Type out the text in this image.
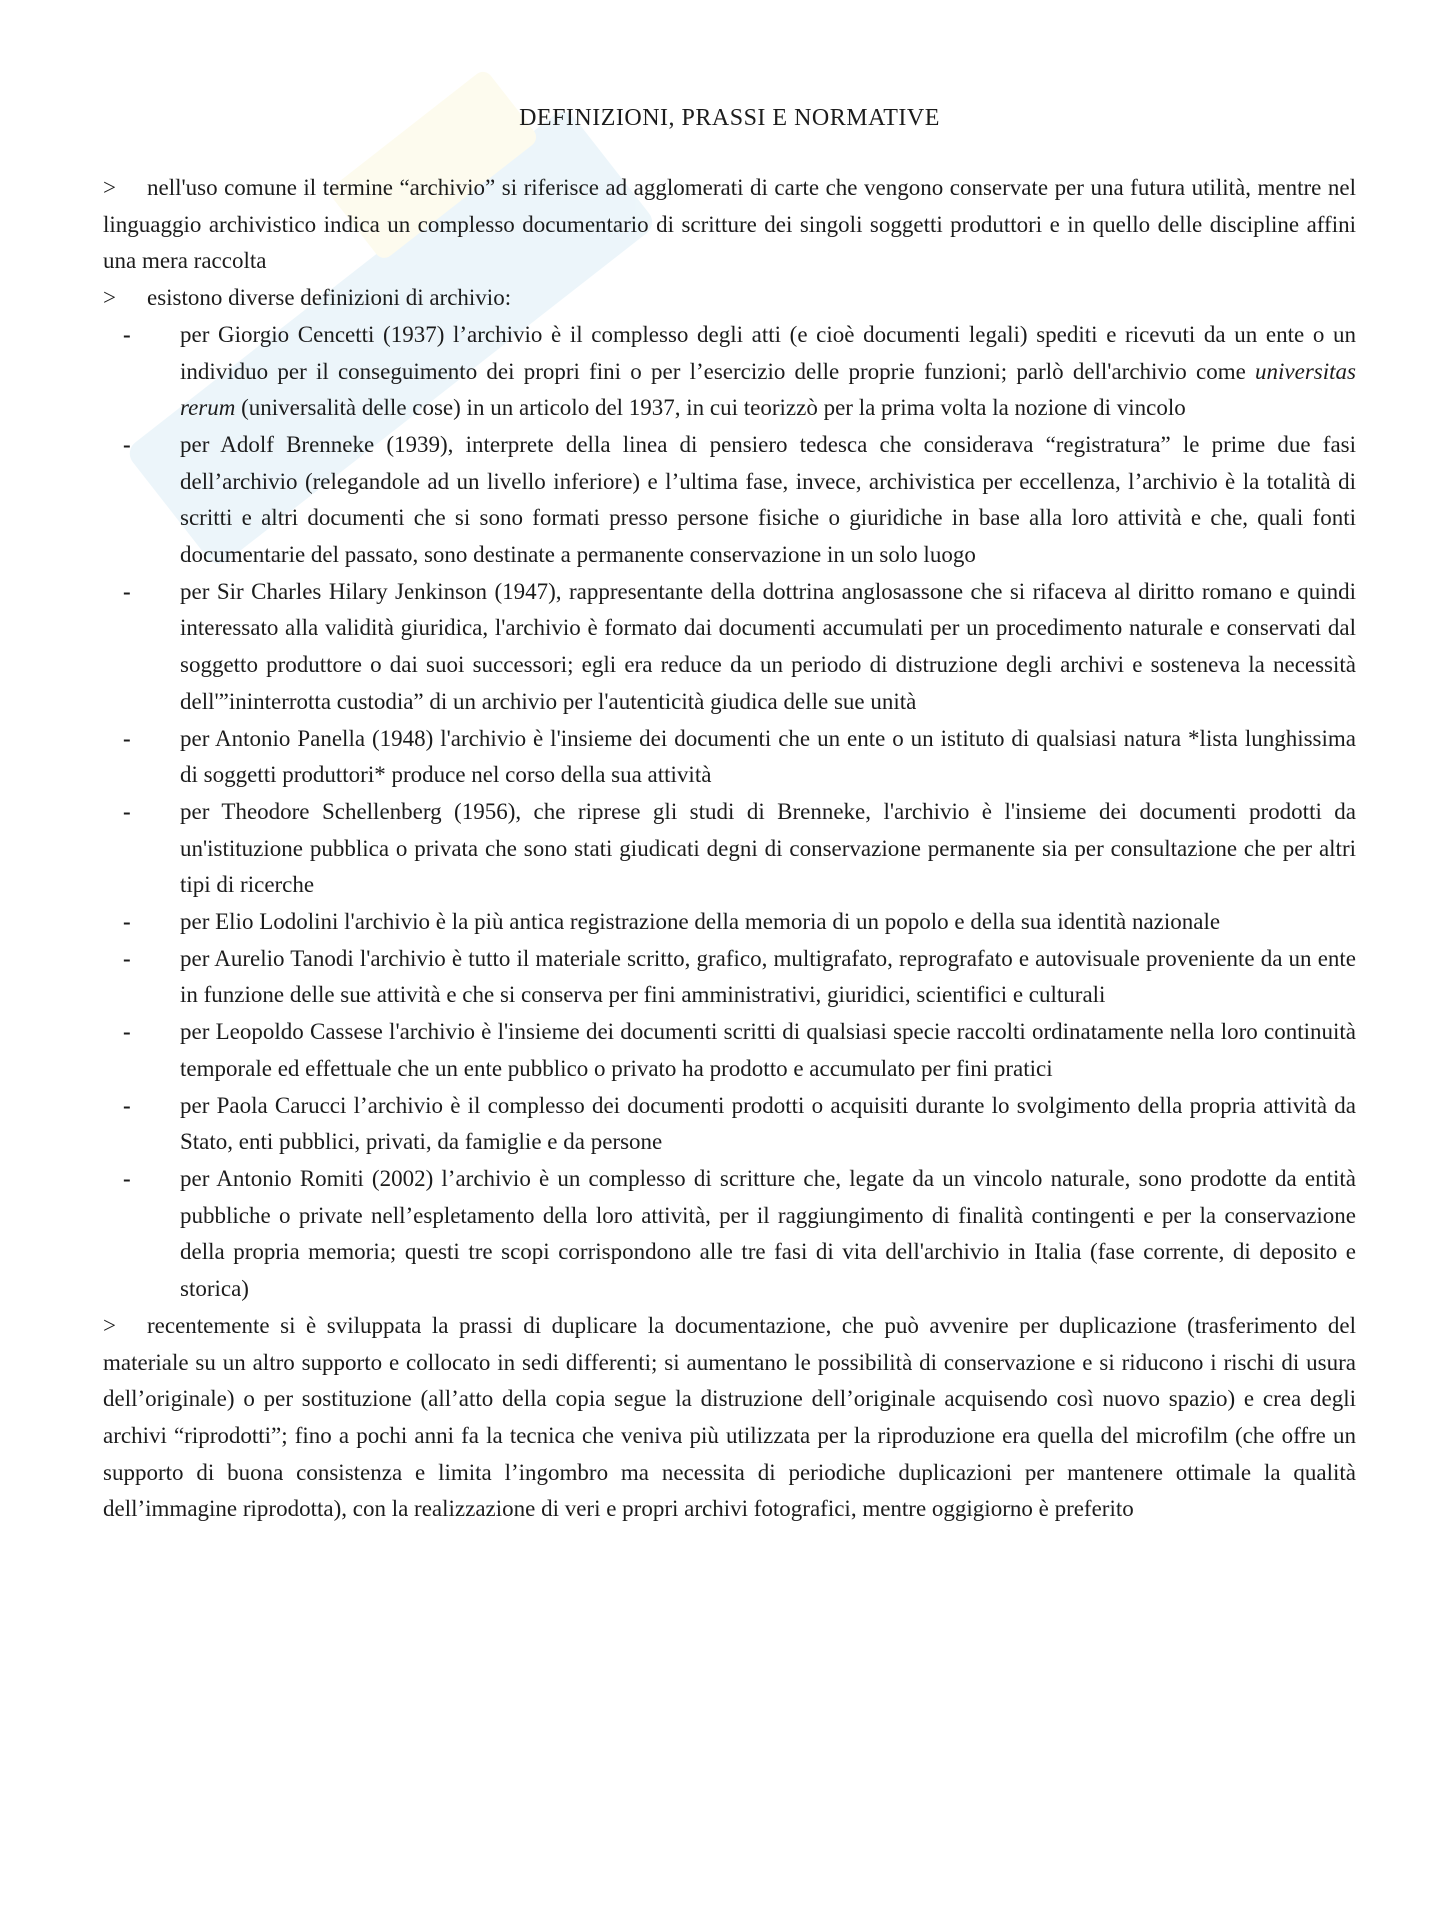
DEFINIZIONI, PRASSI E NORMATIVE

> nell'uso comune il termine “archivio” si riferisce ad agglomerati di carte che vengono conservate per una futura utilità, mentre nel linguaggio archivistico indica un complesso documentario di scritture dei singoli soggetti produttori e in quello delle discipline affini una mera raccolta

> esistono diverse definizioni di archivio:

- per Giorgio Cencetti (1937) l’archivio è il complesso degli atti (e cioè documenti legali) spediti e ricevuti da un ente o un individuo per il conseguimento dei propri fini o per l’esercizio delle proprie funzioni; parlò dell'archivio come universitas rerum (universalità delle cose) in un articolo del 1937, in cui teorizzò per la prima volta la nozione di vincolo
- per Adolf Brenneke (1939), interprete della linea di pensiero tedesca che considerava “registratura” le prime due fasi dell’archivio (relegandole ad un livello inferiore) e l’ultima fase, invece, archivistica per eccellenza, l’archivio è la totalità di scritti e altri documenti che si sono formati presso persone fisiche o giuridiche in base alla loro attività e che, quali fonti documentarie del passato, sono destinate a permanente conservazione in un solo luogo
- per Sir Charles Hilary Jenkinson (1947), rappresentante della dottrina anglosassone che si rifaceva al diritto romano e quindi interessato alla validità giuridica, l'archivio è formato dai documenti accumulati per un procedimento naturale e conservati dal soggetto produttore o dai suoi successori; egli era reduce da un periodo di distruzione degli archivi e sosteneva la necessità dell'”ininterrotta custodia” di un archivio per l'autenticità giudica delle sue unità
- per Antonio Panella (1948) l'archivio è l'insieme dei documenti che un ente o un istituto di qualsiasi natura *lista lunghissima di soggetti produttori* produce nel corso della sua attività
- per Theodore Schellenberg (1956), che riprese gli studi di Brenneke, l'archivio è l'insieme dei documenti prodotti da un'istituzione pubblica o privata che sono stati giudicati degni di conservazione permanente sia per consultazione che per altri tipi di ricerche
- per Elio Lodolini l'archivio è la più antica registrazione della memoria di un popolo e della sua identità nazionale
- per Aurelio Tanodi l'archivio è tutto il materiale scritto, grafico, multigrafato, reprografato e autovisuale proveniente da un ente in funzione delle sue attività e che si conserva per fini amministrativi, giuridici, scientifici e culturali
- per Leopoldo Cassese l'archivio è l'insieme dei documenti scritti di qualsiasi specie raccolti ordinatamente nella loro continuità temporale ed effettuale che un ente pubblico o privato ha prodotto e accumulato per fini pratici
- per Paola Carucci l’archivio è il complesso dei documenti prodotti o acquisiti durante lo svolgimento della propria attività da Stato, enti pubblici, privati, da famiglie e da persone
- per Antonio Romiti (2002) l’archivio è un complesso di scritture che, legate da un vincolo naturale, sono prodotte da entità pubbliche o private nell’espletamento della loro attività, per il raggiungimento di finalità contingenti e per la conservazione della propria memoria; questi tre scopi corrispondono alle tre fasi di vita dell'archivio in Italia (fase corrente, di deposito e storica)

> recentemente si è sviluppata la prassi di duplicare la documentazione, che può avvenire per duplicazione (trasferimento del materiale su un altro supporto e collocato in sedi differenti; si aumentano le possibilità di conservazione e si riducono i rischi di usura dell’originale) o per sostituzione (all’atto della copia segue la distruzione dell’originale acquisendo così nuovo spazio) e crea degli archivi “riprodotti”; fino a pochi anni fa la tecnica che veniva più utilizzata per la riproduzione era quella del microfilm (che offre un supporto di buona consistenza e limita l’ingombro ma necessita di periodiche duplicazioni per mantenere ottimale la qualità dell’immagine riprodotta), con la realizzazione di veri e propri archivi fotografici, mentre oggigiorno è preferito
